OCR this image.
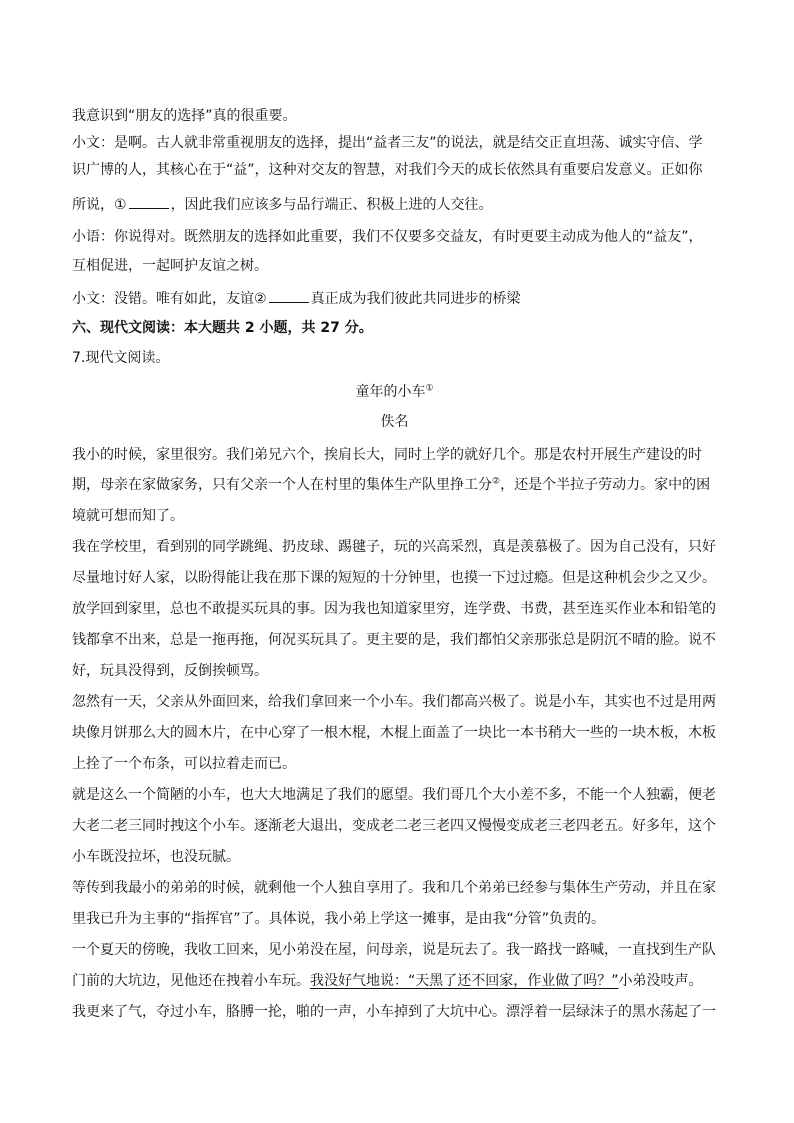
我意识到“朋友的选择”真的很重要。
小文：是啊。古人就非常重视朋友的选择，提出“益者三友”的说法，就是结交正直坦荡、诚实守信、学
识广博的人，其核心在于“益”，这种对交友的智慧，对我们今天的成长依然具有重要启发意义。正如你
所说，①	，因此我们应该多与品行端正、积极上进的人交往。
小语：你说得对。既然朋友的选择如此重要，我们不仅要多交益友，有时更要主动成为他人的“益友”，
互相促进，一起呵护友谊之树。
小文：没错。唯有如此，友谊②	真正成为我们彼此共同进步的桥梁
六、现代文阅读：本大题共 2 小题，共 27 分。
7.现代文阅读。
童年的小车①
佚名
我小的时候，家里很穷。我们弟兄六个，挨肩长大，同时上学的就好几个。那是农村开展生产建设的时
期，母亲在家做家务，只有父亲一个人在村里的集体生产队里挣工分②，还是个半拉子劳动力。家中的困
境就可想而知了。
我在学校里，看到别的同学跳绳、扔皮球、踢毽子，玩的兴高采烈，真是羡慕极了。因为自己没有，只好
尽量地讨好人家，以盼得能让我在那下课的短短的十分钟里，也摸一下过过瘾。但是这种机会少之又少。
放学回到家里，总也不敢提买玩具的事。因为我也知道家里穷，连学费、书费，甚至连买作业本和铅笔的
钱都拿不出来，总是一拖再拖，何况买玩具了。更主要的是，我们都怕父亲那张总是阴沉不晴的脸。说不
好，玩具没得到，反倒挨顿骂。
忽然有一天，父亲从外面回来，给我们拿回来一个小车。我们都高兴极了。说是小车，其实也不过是用两
块像月饼那么大的圆木片，在中心穿了一根木棍，木棍上面盖了一块比一本书稍大一些的一块木板，木板
上拴了一个布条，可以拉着走而已。
就是这么一个简陋的小车，也大大地满足了我们的愿望。我们哥几个大小差不多，不能一个人独霸，便老
大老二老三同时拽这个小车。逐渐老大退出，变成老二老三老四又慢慢变成老三老四老五。好多年，这个
小车既没拉坏，也没玩腻。
等传到我最小的弟弟的时候，就剩他一个人独自享用了。我和几个弟弟已经参与集体生产劳动，并且在家
里我已升为主事的“指挥官”了。具体说，我小弟上学这一摊事，是由我“分管”负责的。
一个夏天的傍晚，我收工回来，见小弟没在屋，问母亲，说是玩去了。我一路找一路喊，一直找到生产队
门前的大坑边，见他还在拽着小车玩。我没好气地说：“天黑了还不回家，作业做了吗？”小弟没吱声。
我更来了气，夺过小车，胳膊一抡，啪的一声，小车掉到了大坑中心。漂浮着一层绿沫子的黑水荡起了一
